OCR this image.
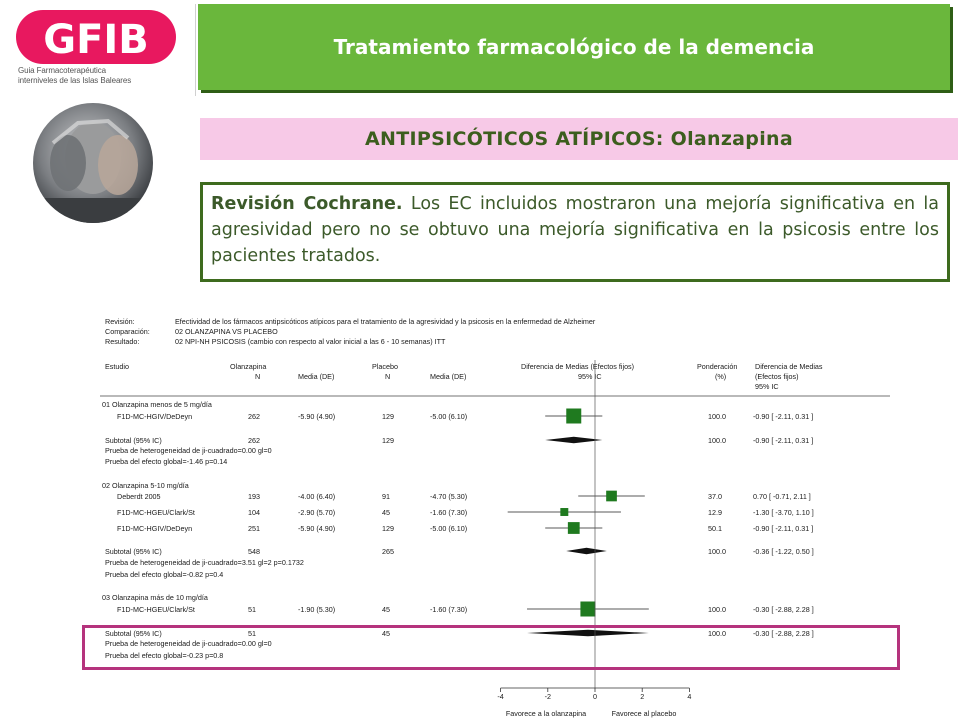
GFIB
Guia Farmacoterapéutica
interniveles de las Islas Baleares
Tratamiento farmacológico de la demencia
ANTIPSICÓTICOS ATÍPICOS: Olanzapina
Revisión Cochrane. Los EC incluidos mostraron una mejoría significativa en la agresividad pero no se obtuvo una mejoría significativa en la psicosis entre los pacientes tratados.
Revisión:	Efectividad de los fármacos antipsicóticos atípicos para el tratamiento de la agresividad y la psicosis en la enfermedad de Alzheimer
Comparación:	02 OLANZAPINA VS PLACEBO
Resultado:	02 NPI-NH PSICOSIS (cambio con respecto al valor inicial a las 6 - 10 semanas) ITT
Estudio	Olanzapina
N	Media (DE)
Placebo
N	Media (DE)
Diferencia de Medias (Efectos fijos)
95% IC
Ponderación
(%)
Diferencia de Medias
(Efectos fijos)
95% IC
01 Olanzapina menos de 5 mg/día
F1D-MC-HGIV/DeDeyn	262	-5.90 (4.90)	129	-5.00 (6.10)	100.0	-0.90 [ -2.11, 0.31 ]
Subtotal (95% IC)	262	129	100.0	-0.90 [ -2.11, 0.31 ]
Prueba de heterogeneidad de ji-cuadrado=0.00 gl=0
Prueba del efecto global=-1.46 p=0.14
02 Olanzapina 5-10 mg/día
Deberdt 2005	193	-4.00 (6.40)	91	-4.70 (5.30)	37.0	0.70 [ -0.71, 2.11 ]
F1D-MC-HGEU/Clark/St	104	-2.90 (5.70)	45	-1.60 (7.30)	12.9	-1.30 [ -3.70, 1.10 ]
F1D-MC-HGIV/DeDeyn	251	-5.90 (4.90)	129	-5.00 (6.10)	50.1	-0.90 [ -2.11, 0.31 ]
Subtotal (95% IC)	548	265	100.0	-0.36 [ -1.22, 0.50 ]
Prueba de heterogeneidad de ji-cuadrado=3.51 gl=2 p=0.1732
Prueba del efecto global=-0.82 p=0.4
03 Olanzapina más de 10 mg/día
F1D-MC-HGEU/Clark/St	51	-1.90 (5.30)	45	-1.60 (7.30)	100.0	-0.30 [ -2.88, 2.28 ]
Subtotal (95% IC)	51	45	100.0	-0.30 [ -2.88, 2.28 ]
Prueba de heterogeneidad de ji-cuadrado=0.00 gl=0
Prueba del efecto global=-0.23 p=0.8
-4	-2	0	2	4
Favorece a la olanzapina	Favorece al placebo
